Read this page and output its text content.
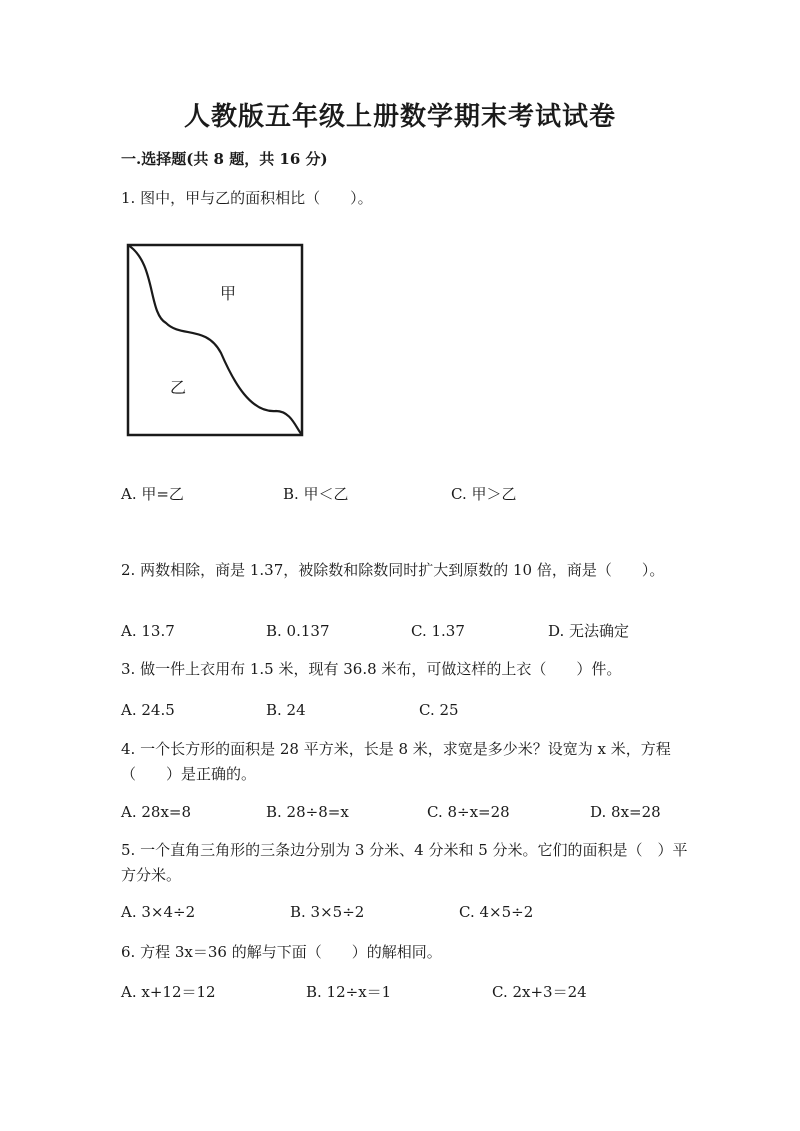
人教版五年级上册数学期末考试试卷
一.选择题(共 8 题，共 16 分)
1. 图中，甲与乙的面积相比（　　）。
甲
乙
A. 甲=乙	B. 甲＜乙	C. 甲＞乙
2. 两数相除，商是 1.37，被除数和除数同时扩大到原数的 10 倍，商是（　　）。
A. 13.7	B. 0.137	C. 1.37	D. 无法确定
3. 做一件上衣用布 1.5 米，现有 36.8 米布，可做这样的上衣（　　）件。
A. 24.5	B. 24	C. 25
4. 一个长方形的面积是 28 平方米，长是 8 米，求宽是多少米？设宽为 x 米，方程（　　）是正确的。
A. 28x=8	B. 28÷8=x	C. 8÷x=28	D. 8x=28
5. 一个直角三角形的三条边分别为 3 分米、4 分米和 5 分米。它们的面积是（　）平方分米。
A. 3×4÷2	B. 3×5÷2	C. 4×5÷2
6. 方程 3x＝36 的解与下面（　　）的解相同。
A. x+12＝12	B. 12÷x＝1	C. 2x+3＝24
